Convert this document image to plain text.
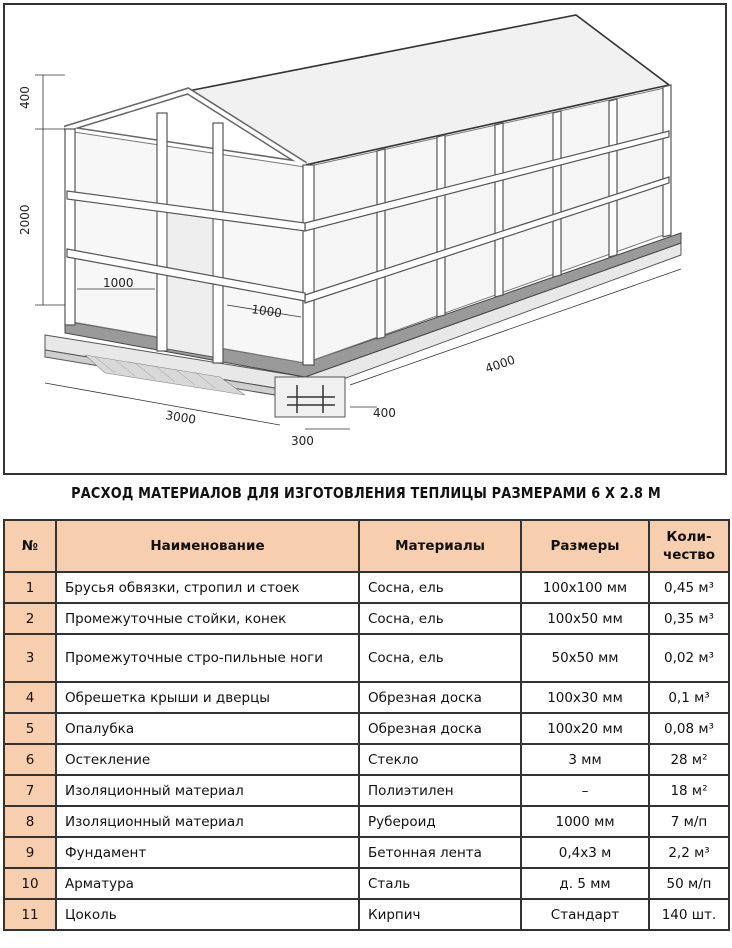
400
2000
1000
1000
4000
3000	400
300
РАСХОД МАТЕРИАЛОВ ДЛЯ ИЗГОТОВЛЕНИЯ ТЕПЛИЦЫ РАЗМЕРАМИ 6 Х 2.8 М
№	Наименование	Материалы	Размеры	Коли-чество
1	Брусья обвязки, стропил и стоек	Сосна, ель	100х100 мм	0,45 м³
2	Промежуточные стойки, конек	Сосна, ель	100х50 мм	0,35 м³
3	Промежуточные стро-пильные ноги	Сосна, ель	50х50 мм	0,02 м³
4	Обрешетка крыши и дверцы	Обрезная доска	100х30 мм	0,1 м³
5	Опалубка	Обрезная доска	100х20 мм	0,08 м³
6	Остекление	Стекло	3 мм	28 м²
7	Изоляционный материал	Полиэтилен	–	18 м²
8	Изоляционный материал	Рубероид	1000 мм	7 м/п
9	Фундамент	Бетонная лента	0,4х3 м	2,2 м³
10	Арматура	Сталь	д. 5 мм	50 м/п
11	Цоколь	Кирпич	Стандарт	140 шт.
